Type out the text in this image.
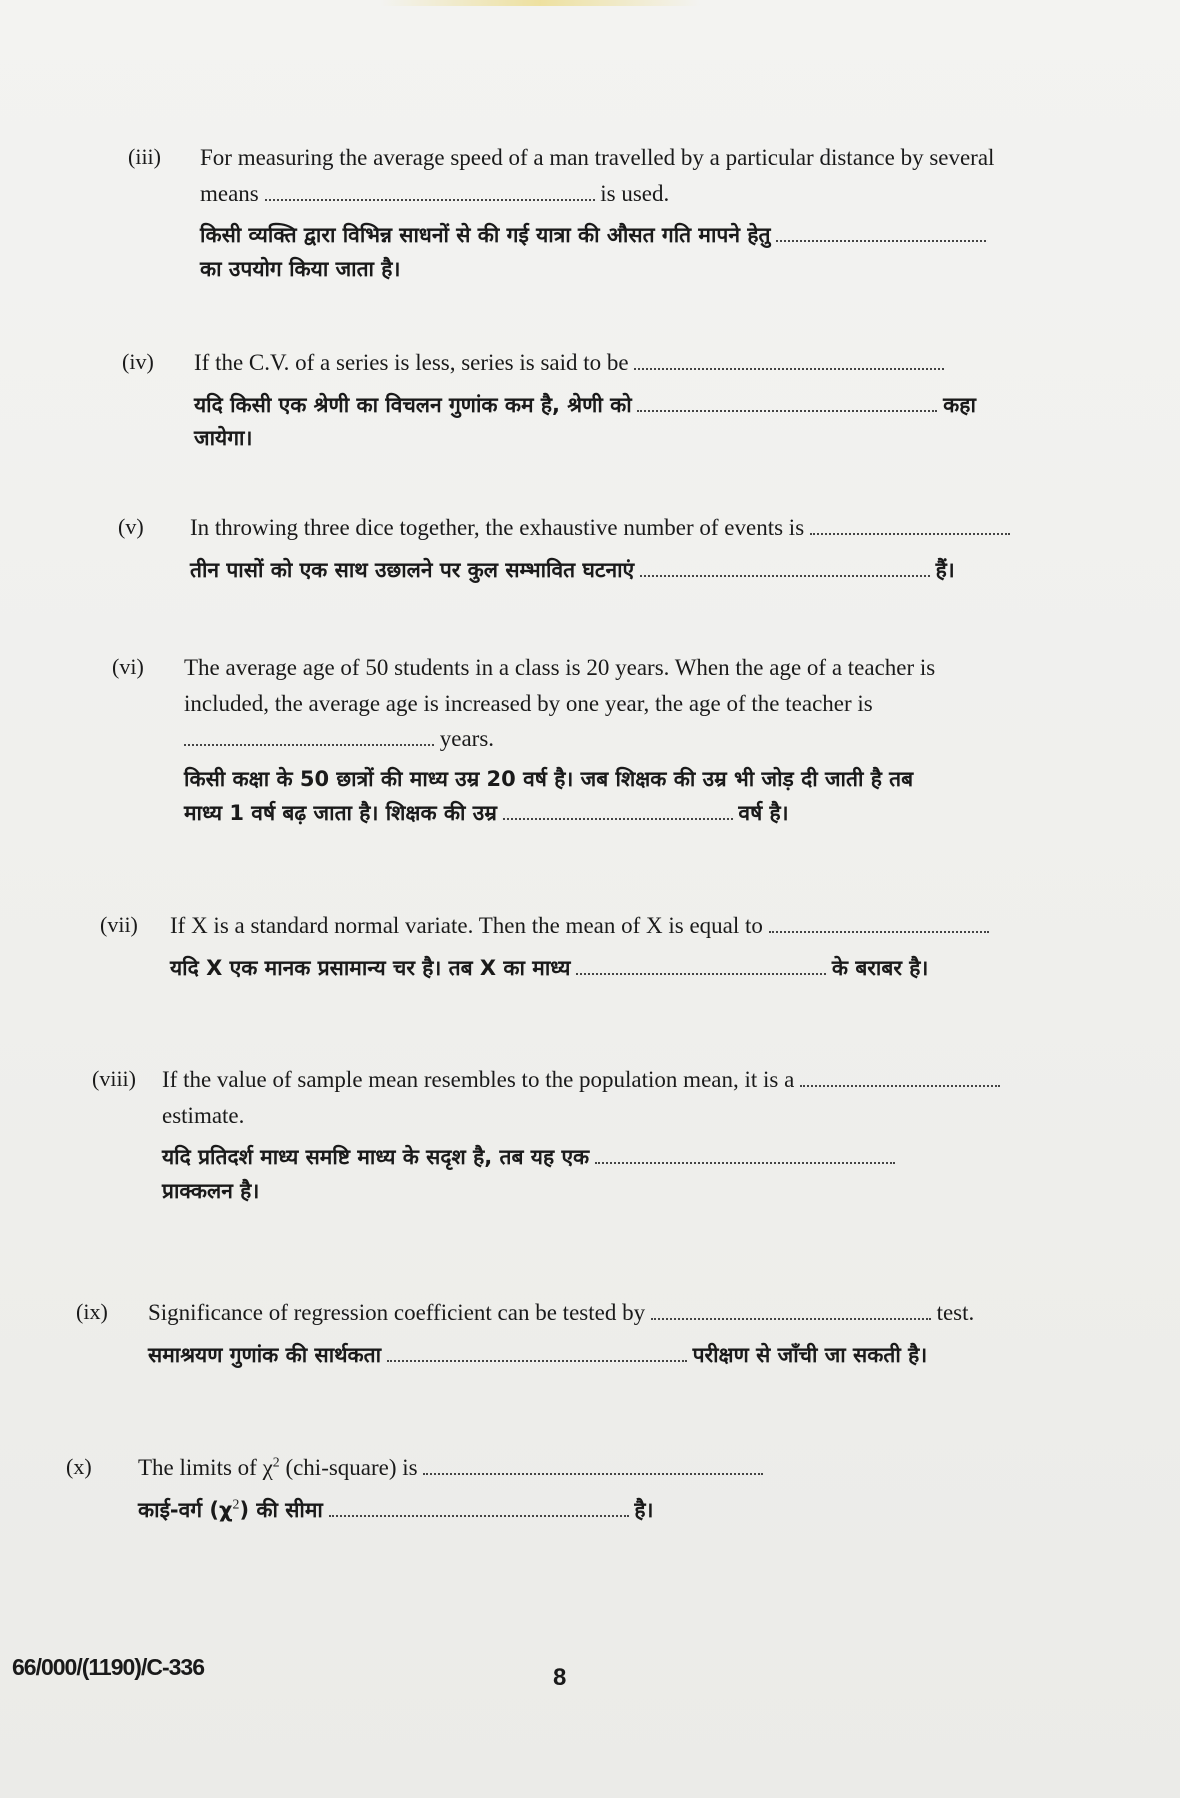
(iii) For measuring the average speed of a man travelled by a particular distance by several
means	is used.
किसी व्यक्ति द्वारा विभिन्न साधनों से की गई यात्रा की औसत गति मापने हेतु
का उपयोग किया जाता है।
(iv) If the C.V. of a series is less, series is said to be
यदि किसी एक श्रेणी का विचलन गुणांक कम है, श्रेणी को	कहा
जायेगा।
(v) In throwing three dice together, the exhaustive number of events is
तीन पासों को एक साथ उछालने पर कुल सम्भावित घटनाएं	हैं।
(vi) The average age of 50 students in a class is 20 years. When the age of a teacher is
included, the average age is increased by one year, the age of the teacher is
years.
किसी कक्षा के 50 छात्रों की माध्य उम्र 20 वर्ष है। जब शिक्षक की उम्र भी जोड़ दी जाती है तब
माध्य 1 वर्ष बढ़ जाता है। शिक्षक की उम्र	वर्ष है।
(vii) If X is a standard normal variate. Then the mean of X is equal to
यदि X एक मानक प्रसामान्य चर है। तब X का माध्य	के बराबर है।
(viii) If the value of sample mean resembles to the population mean, it is a
estimate.
यदि प्रतिदर्श माध्य समष्टि माध्य के सदृश है, तब यह एक
प्राक्कलन है।
(ix) Significance of regression coefficient can be tested by	test.
समाश्रयण गुणांक की सार्थकता	परीक्षण से जाँची जा सकती है।
(x) The limits of $\chi^2$ (chi-square) is
काई-वर्ग $(\chi^2)$ की सीमा	है।
66/000/(1190)/C-336	8
